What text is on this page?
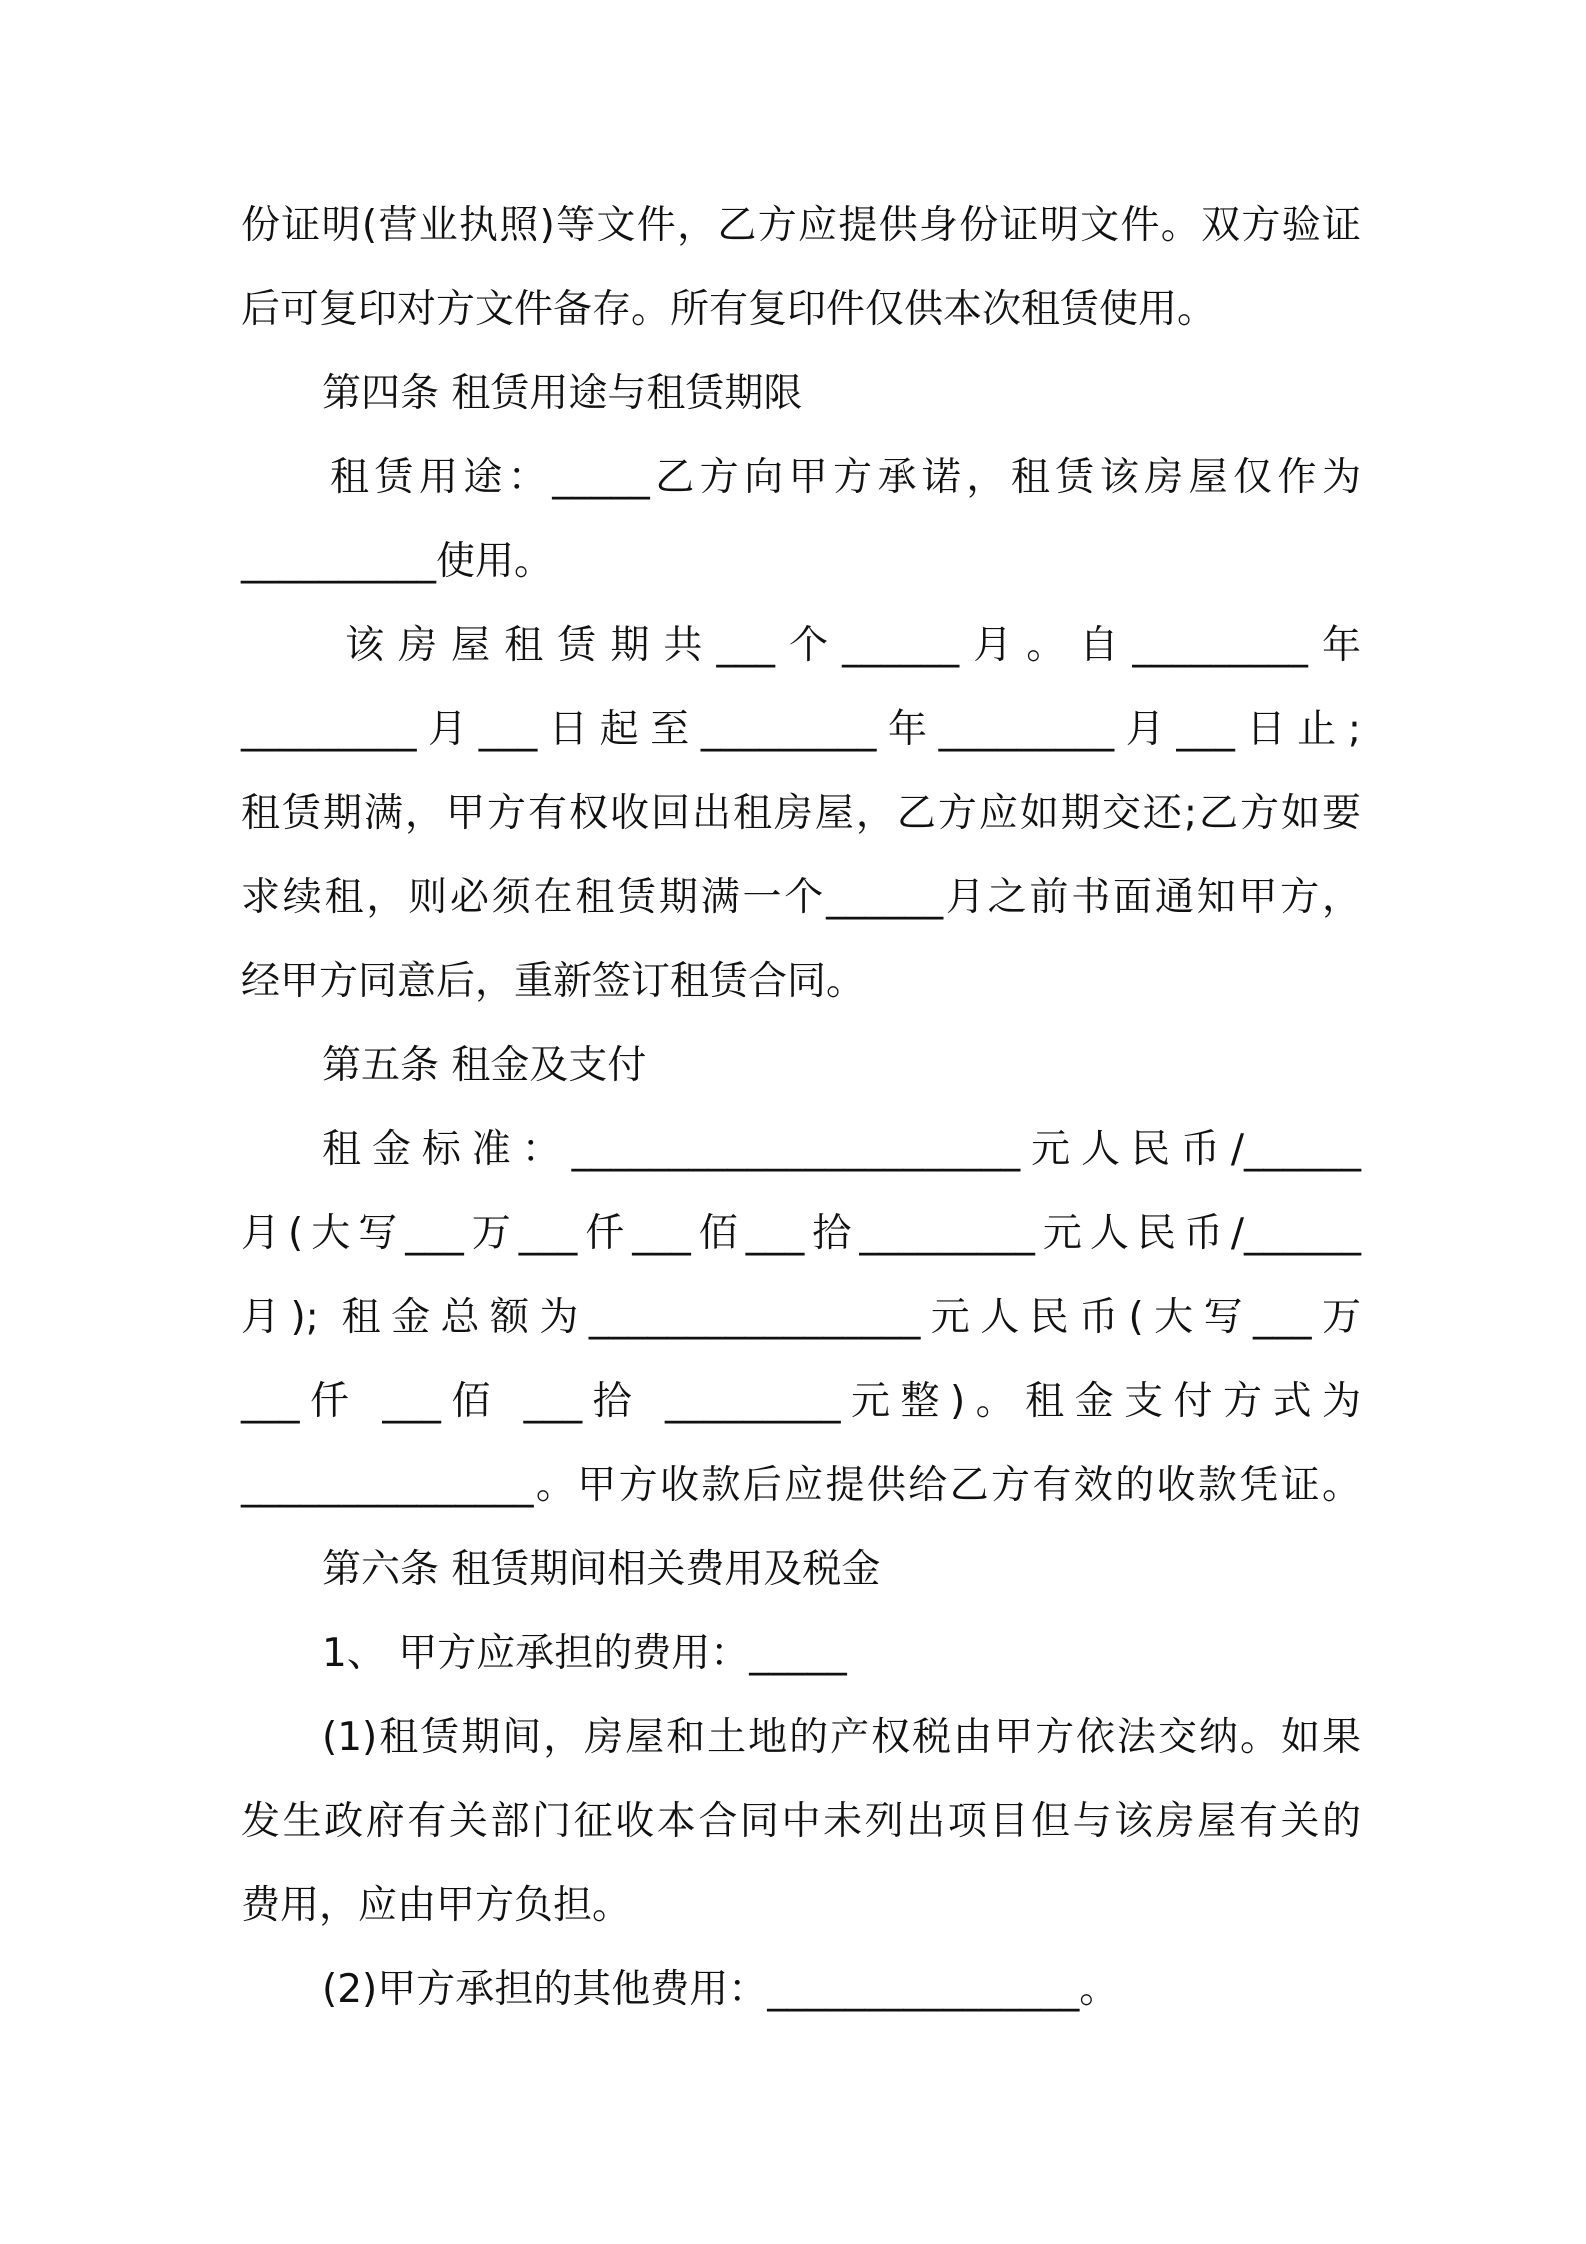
份证明(营业执照)等文件，乙方应提供身份证明文件。双方验证
后可复印对方文件备存。所有复印件仅供本次租赁使用。
第四条 租赁用途与租赁期限
租赁用途：_____乙方向甲方承诺，租赁该房屋仅作为
__________使用。
该房屋租赁期共___个______月。自_________年
_________月___日起至_________年_________月___日止;
租赁期满，甲方有权收回出租房屋，乙方应如期交还;乙方如要
求续租，则必须在租赁期满一个______月之前书面通知甲方，
经甲方同意后，重新签订租赁合同。
第五条 租金及支付
租金标准：_______________________元人民币/______
月(大写___万___仟___佰___拾_________元人民币/______
月); 租金总额为_________________元人民币(大写___万
___仟 ___佰 ___拾 _________元整)。租金支付方式为
_______________。甲方收款后应提供给乙方有效的收款凭证。
第六条 租赁期间相关费用及税金
1、 甲方应承担的费用：_____
(1)租赁期间，房屋和土地的产权税由甲方依法交纳。如果
发生政府有关部门征收本合同中未列出项目但与该房屋有关的
费用，应由甲方负担。
(2)甲方承担的其他费用：________________。
